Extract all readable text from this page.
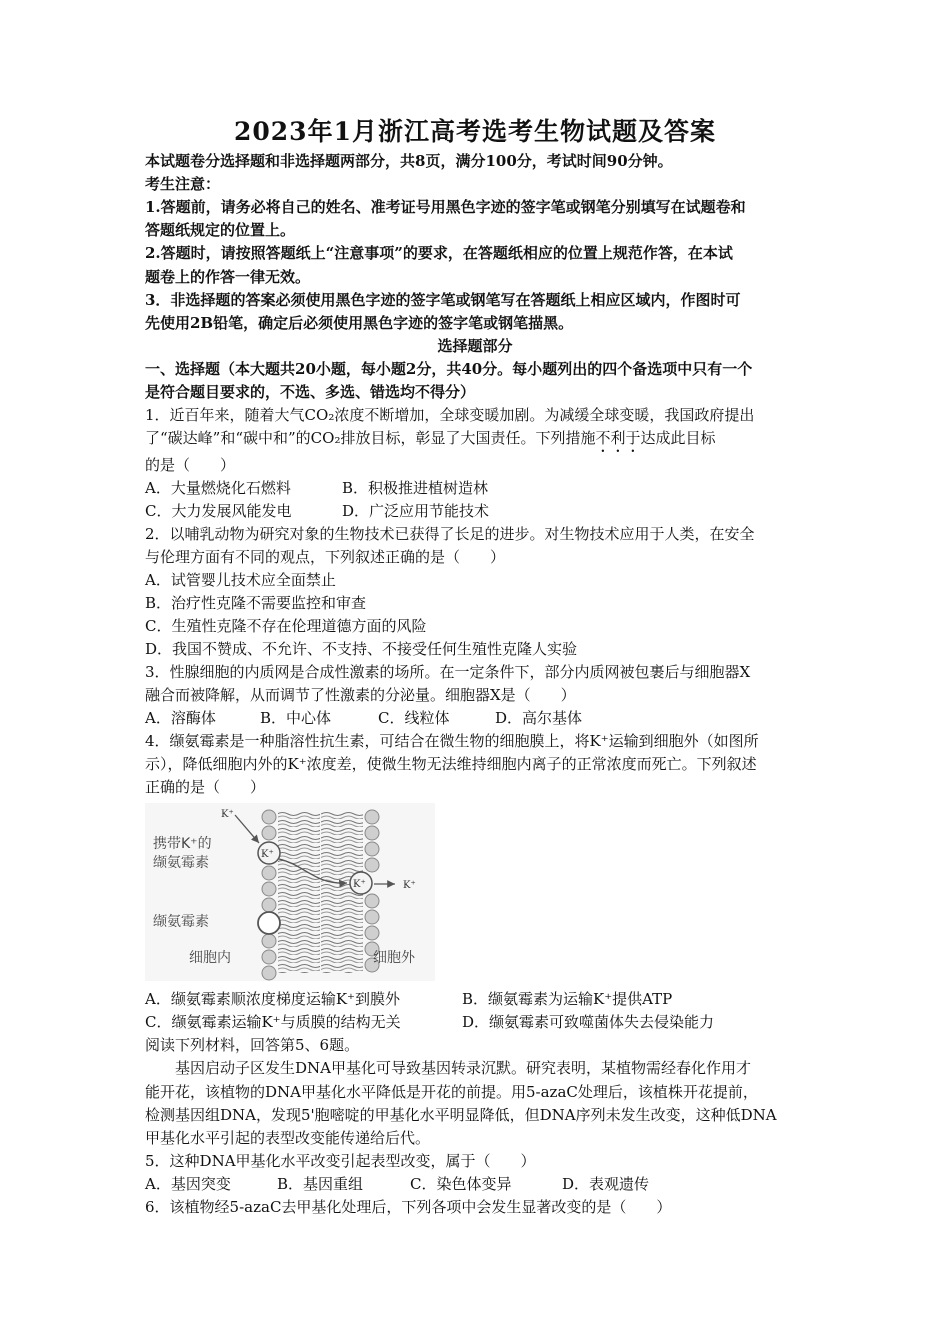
2023年1月浙江高考选考生物试题及答案
本试题卷分选择题和非选择题两部分，共8页，满分100分，考试时间90分钟。
考生注意：
1.答题前，请务必将自己的姓名、准考证号用黑色字迹的签字笔或钢笔分别填写在试题卷和
答题纸规定的位置上。
2.答题时，请按照答题纸上“注意事项”的要求，在答题纸相应的位置上规范作答，在本试
题卷上的作答一律无效。
3．非选择题的答案必须使用黑色字迹的签字笔或钢笔写在答题纸上相应区域内，作图时可
先使用2B铅笔，确定后必须使用黑色字迹的签字笔或钢笔描黑。
选择题部分
一、选择题（本大题共20小题，每小题2分，共40分。每小题列出的四个备选项中只有一个
是符合题目要求的，不选、多选、错选均不得分）
1．近百年来，随着大气CO₂浓度不断增加，全球变暖加剧。为减缓全球变暖，我国政府提出
了“碳达峰”和“碳中和”的CO₂排放目标，彰显了大国责任。下列措施不利于达成此目标
的是（　　）
A．大量燃烧化石燃料	B．积极推进植树造林
C．大力发展风能发电	D．广泛应用节能技术
2．以哺乳动物为研究对象的生物技术已获得了长足的进步。对生物技术应用于人类，在安全
与伦理方面有不同的观点，下列叙述正确的是（　　）
A．试管婴儿技术应全面禁止
B．治疗性克隆不需要监控和审查
C．生殖性克隆不存在伦理道德方面的风险
D．我国不赞成、不允许、不支持、不接受任何生殖性克隆人实验
3．性腺细胞的内质网是合成性激素的场所。在一定条件下，部分内质网被包裹后与细胞器X
融合而被降解，从而调节了性激素的分泌量。细胞器X是（　　）
A．溶酶体	B．中心体	C．线粒体	D．高尔基体
4．缬氨霉素是一种脂溶性抗生素，可结合在微生物的细胞膜上，将K⁺运输到细胞外（如图所
示），降低细胞内外的K⁺浓度差，使微生物无法维持细胞内离子的正常浓度而死亡。下列叙述
正确的是（　　）
K⁺
K⁺
K⁺	K⁺
携带K⁺的
缬氨霉素
缬氨霉素
细胞内	细胞外
A．缬氨霉素顺浓度梯度运输K⁺到膜外	B．缬氨霉素为运输K⁺提供ATP
C．缬氨霉素运输K⁺与质膜的结构无关	D．缬氨霉素可致噬菌体失去侵染能力
阅读下列材料，回答第5、6题。
基因启动子区发生DNA甲基化可导致基因转录沉默。研究表明，某植物需经春化作用才
能开花，该植物的DNA甲基化水平降低是开花的前提。用5-azaC处理后，该植株开花提前，
检测基因组DNA，发现5'胞嘧啶的甲基化水平明显降低，但DNA序列未发生改变，这种低DNA
甲基化水平引起的表型改变能传递给后代。
5．这种DNA甲基化水平改变引起表型改变，属于（　　）
A．基因突变	B．基因重组	C．染色体变异	D．表观遗传
6．该植物经5-azaC去甲基化处理后，下列各项中会发生显著改变的是（　　）
